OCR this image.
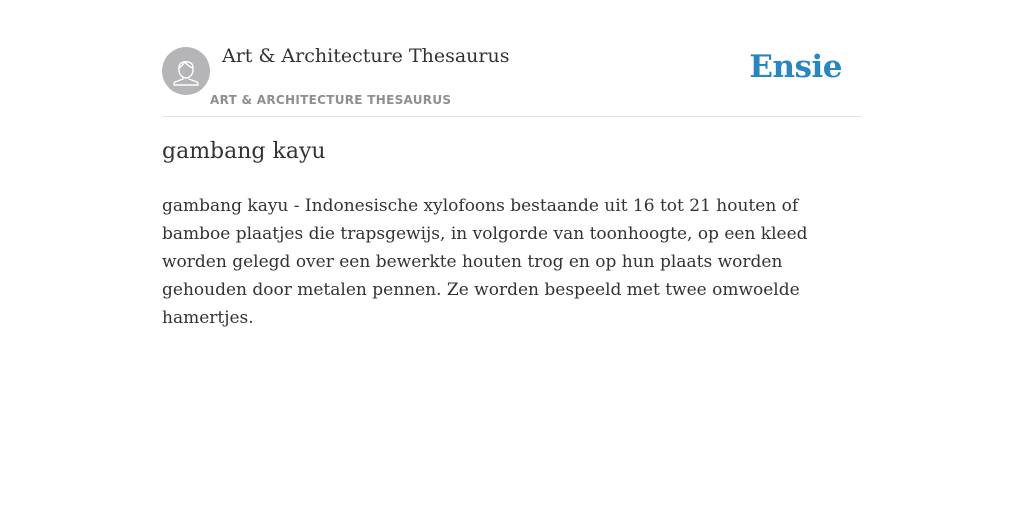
Art & Architecture Thesaurus
ART & ARCHITECTURE THESAURUS
Ensie
gambang kayu

gambang kayu - Indonesische xylofoons bestaande uit 16 tot 21 houten of bamboe plaatjes die trapsgewijs, in volgorde van toonhoogte, op een kleed worden gelegd over een bewerkte houten trog en op hun plaats worden gehouden door metalen pennen. Ze worden bespeeld met twee omwoelde hamertjes.
